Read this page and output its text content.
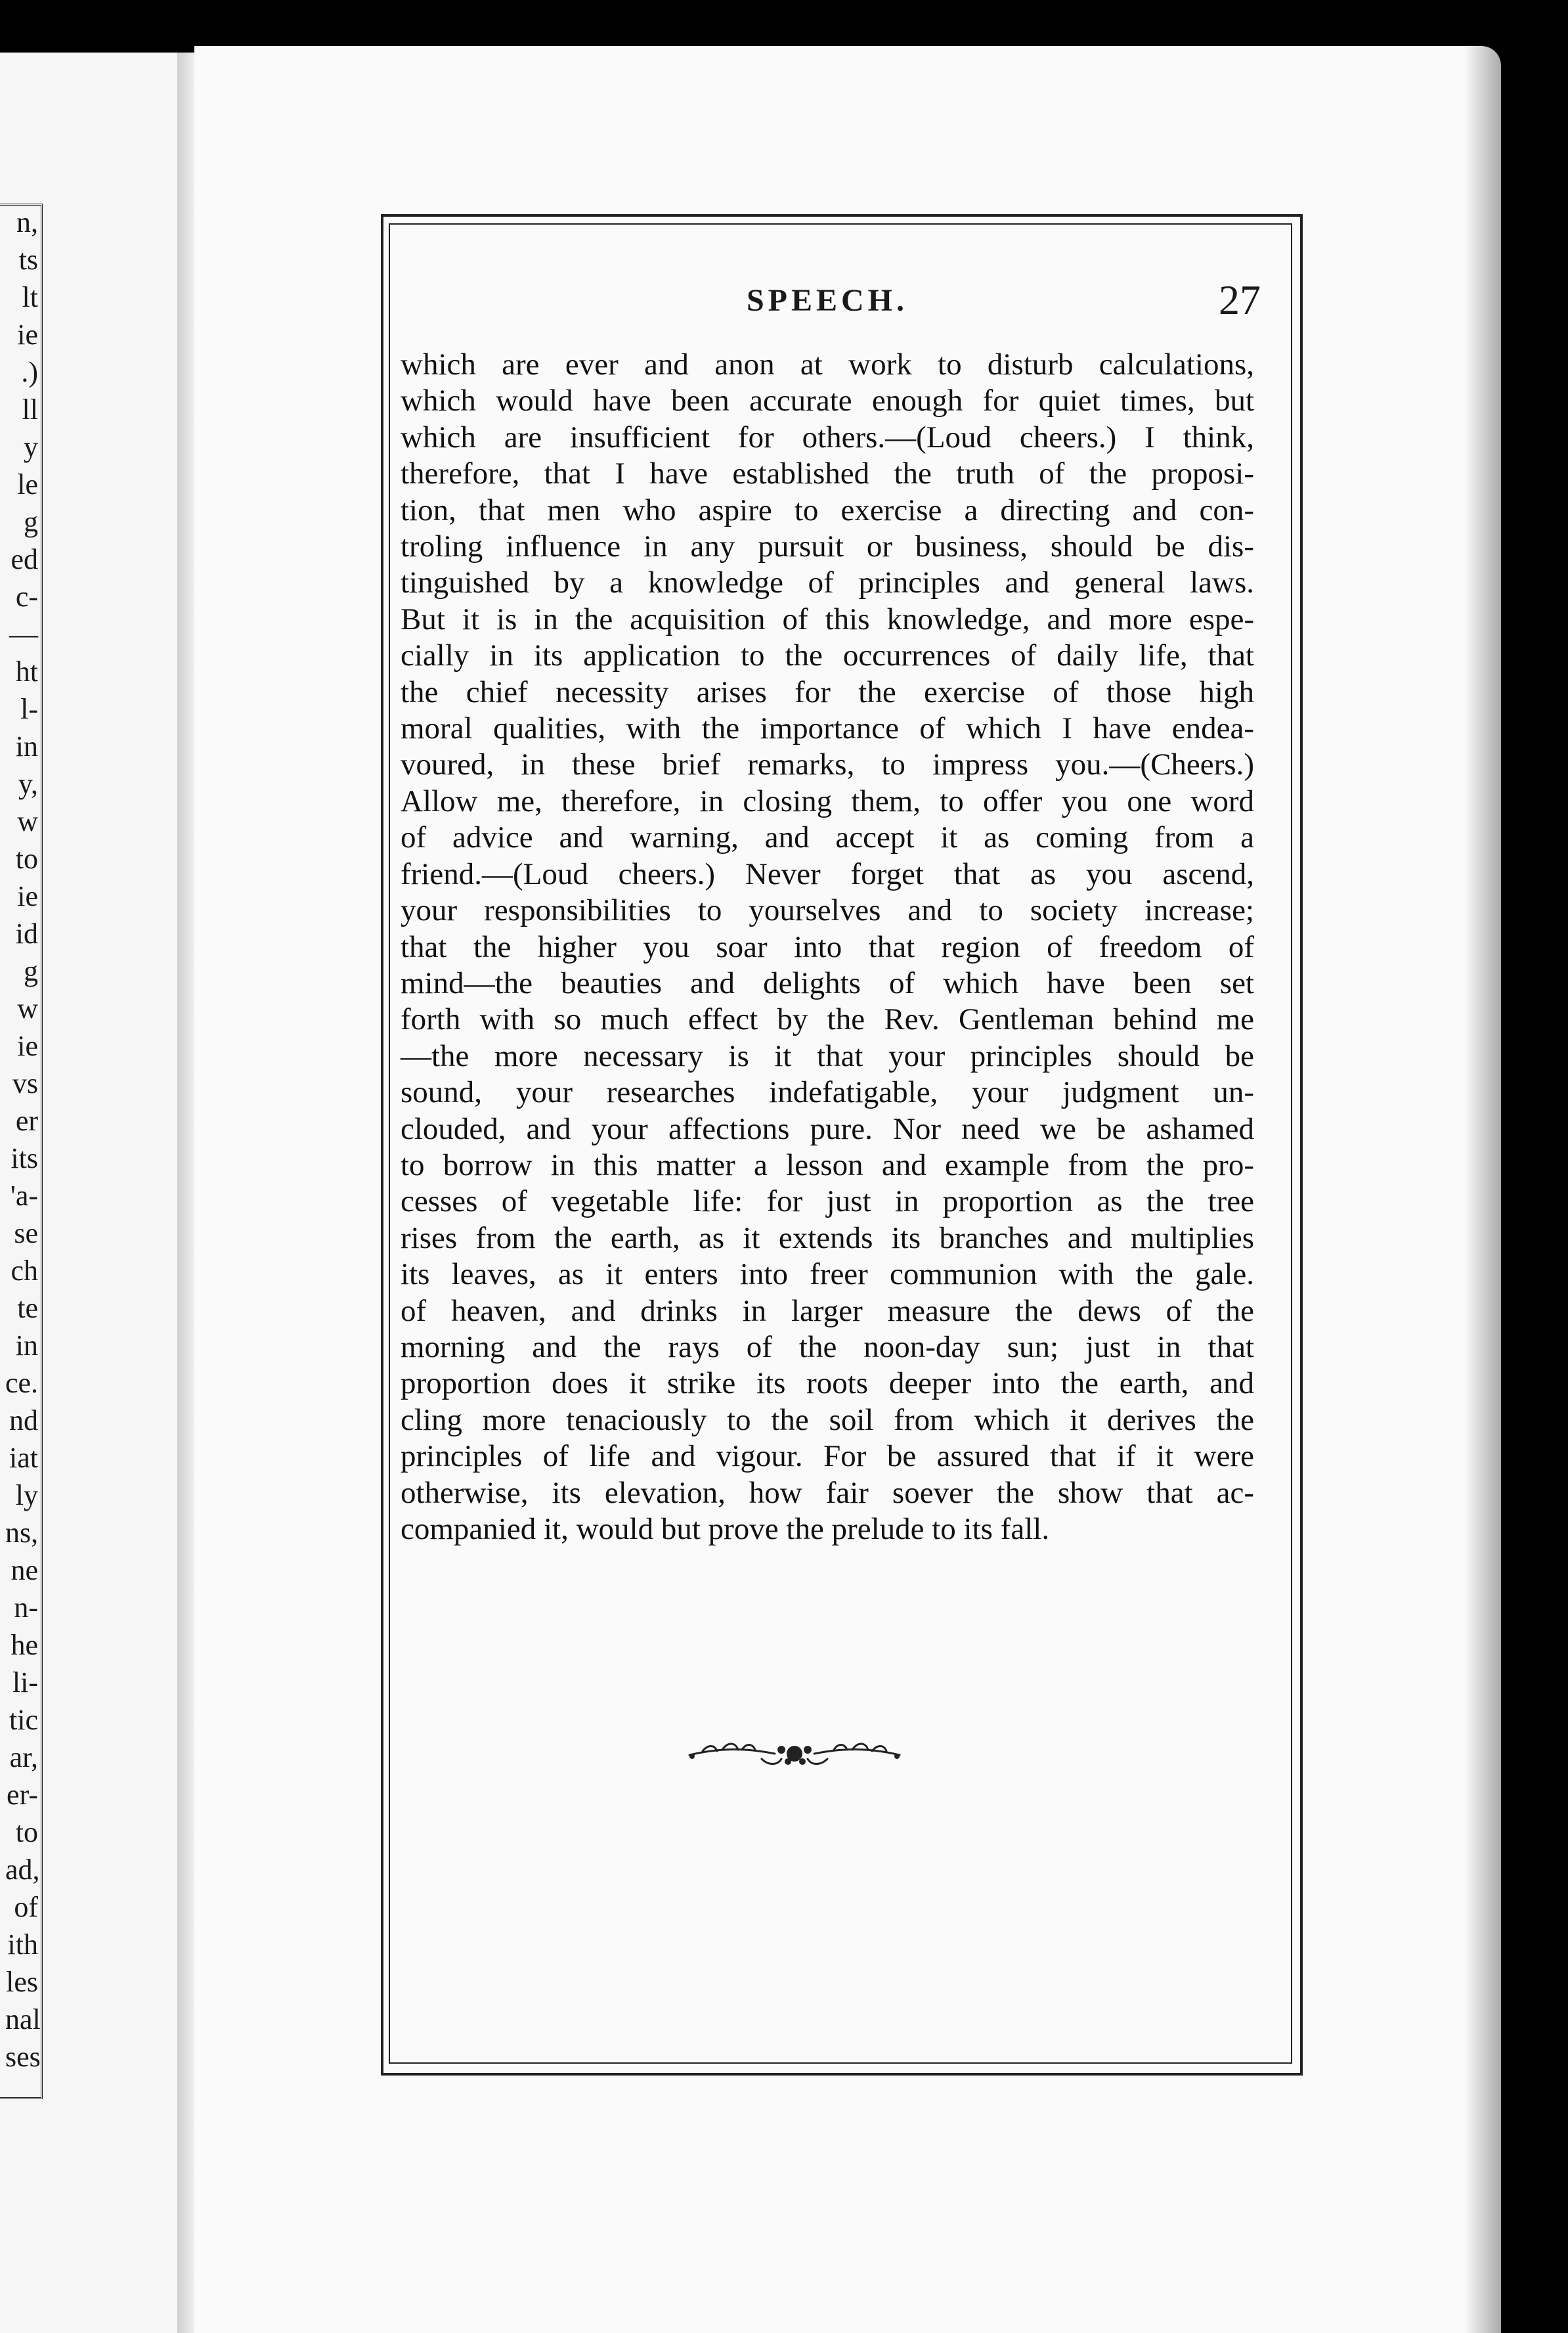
n,
ts
lt
ie
.)
ll
y
le
g
ed
c-
—
ht
l-
in
y,
w
to
ie
id
g
w
ie
vs
er
its
'a-
se
ch
te
in
ce.
nd
iat
ly
ns,
ne
n-
he
li-
tic
ar,
er-
to
ad,
of
ith
les
nal
ses
SPEECH.	27
which are ever and anon at work to disturb calculations,
which would have been accurate enough for quiet times, but
which are insufficient for others.—(Loud cheers.) I think,
therefore, that I have established the truth of the proposi-
tion, that men who aspire to exercise a directing and con-
troling influence in any pursuit or business, should be dis-
tinguished by a knowledge of principles and general laws.
But it is in the acquisition of this knowledge, and more espe-
cially in its application to the occurrences of daily life, that
the chief necessity arises for the exercise of those high
moral qualities, with the importance of which I have endea-
voured, in these brief remarks, to impress you.—(Cheers.)
Allow me, therefore, in closing them, to offer you one word
of advice and warning, and accept it as coming from a
friend.—(Loud cheers.) Never forget that as you ascend,
your responsibilities to yourselves and to society increase;
that the higher you soar into that region of freedom of
mind—the beauties and delights of which have been set
forth with so much effect by the Rev. Gentleman behind me
—the more necessary is it that your principles should be
sound, your researches indefatigable, your judgment un-
clouded, and your affections pure. Nor need we be ashamed
to borrow in this matter a lesson and example from the pro-
cesses of vegetable life: for just in proportion as the tree
rises from the earth, as it extends its branches and multiplies
its leaves, as it enters into freer communion with the gale.
of heaven, and drinks in larger measure the dews of the
morning and the rays of the noon-day sun; just in that
proportion does it strike its roots deeper into the earth, and
cling more tenaciously to the soil from which it derives the
principles of life and vigour. For be assured that if it were
otherwise, its elevation, how fair soever the show that ac-
companied it, would but prove the prelude to its fall.
